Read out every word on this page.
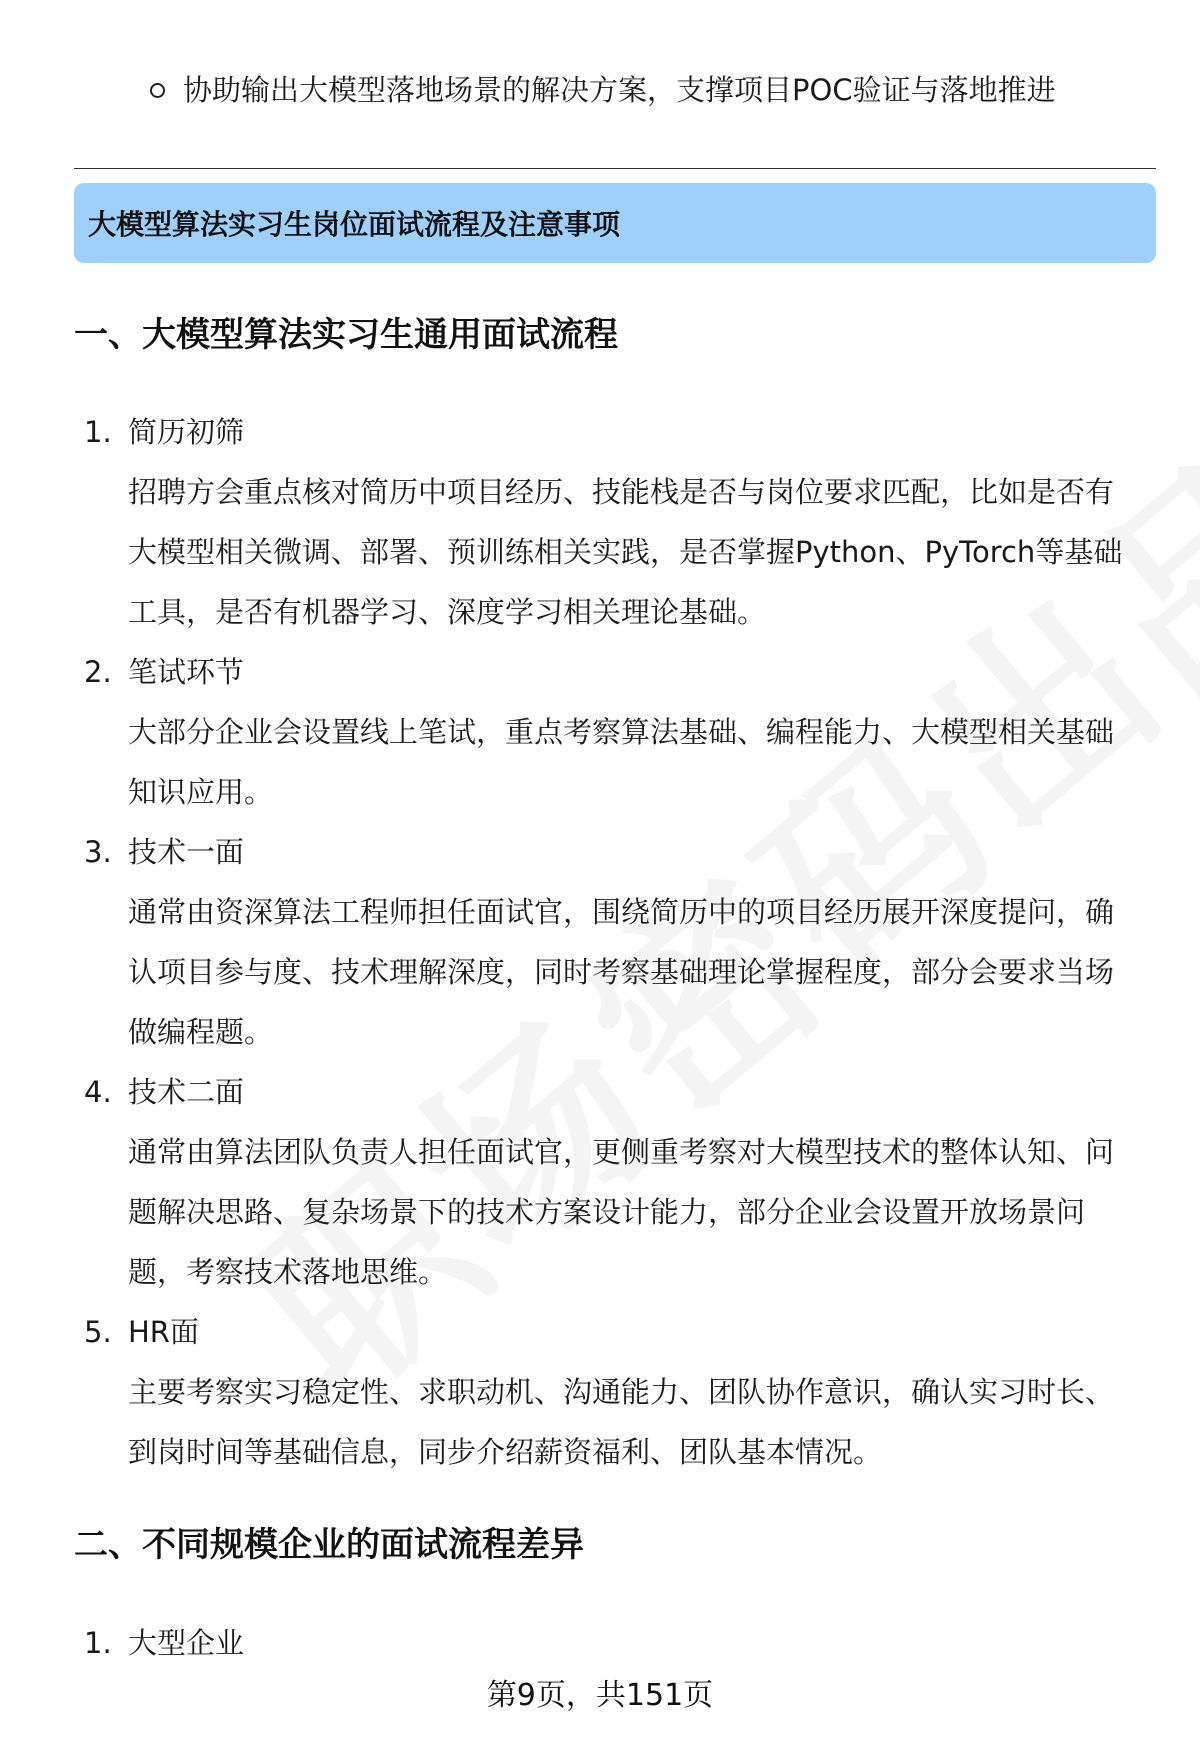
协助输出大模型落地场景的解决方案，支撑项目POC验证与落地推进
大模型算法实习生岗位面试流程及注意事项
一、大模型算法实习生通用面试流程
1. 简历初筛
招聘方会重点核对简历中项目经历、技能栈是否与岗位要求匹配，比如是否有
大模型相关微调、部署、预训练相关实践，是否掌握Python、PyTorch等基础
工具，是否有机器学习、深度学习相关理论基础。
2. 笔试环节
大部分企业会设置线上笔试，重点考察算法基础、编程能力、大模型相关基础
知识应用。
3. 技术一面
通常由资深算法工程师担任面试官，围绕简历中的项目经历展开深度提问，确
认项目参与度、技术理解深度，同时考察基础理论掌握程度，部分会要求当场
做编程题。
4. 技术二面
通常由算法团队负责人担任面试官，更侧重考察对大模型技术的整体认知、问
题解决思路、复杂场景下的技术方案设计能力，部分企业会设置开放场景问
题，考察技术落地思维。
5. HR面
主要考察实习稳定性、求职动机、沟通能力、团队协作意识，确认实习时长、
到岗时间等基础信息，同步介绍薪资福利、团队基本情况。
二、不同规模企业的面试流程差异
1. 大型企业
第9页，共151页
